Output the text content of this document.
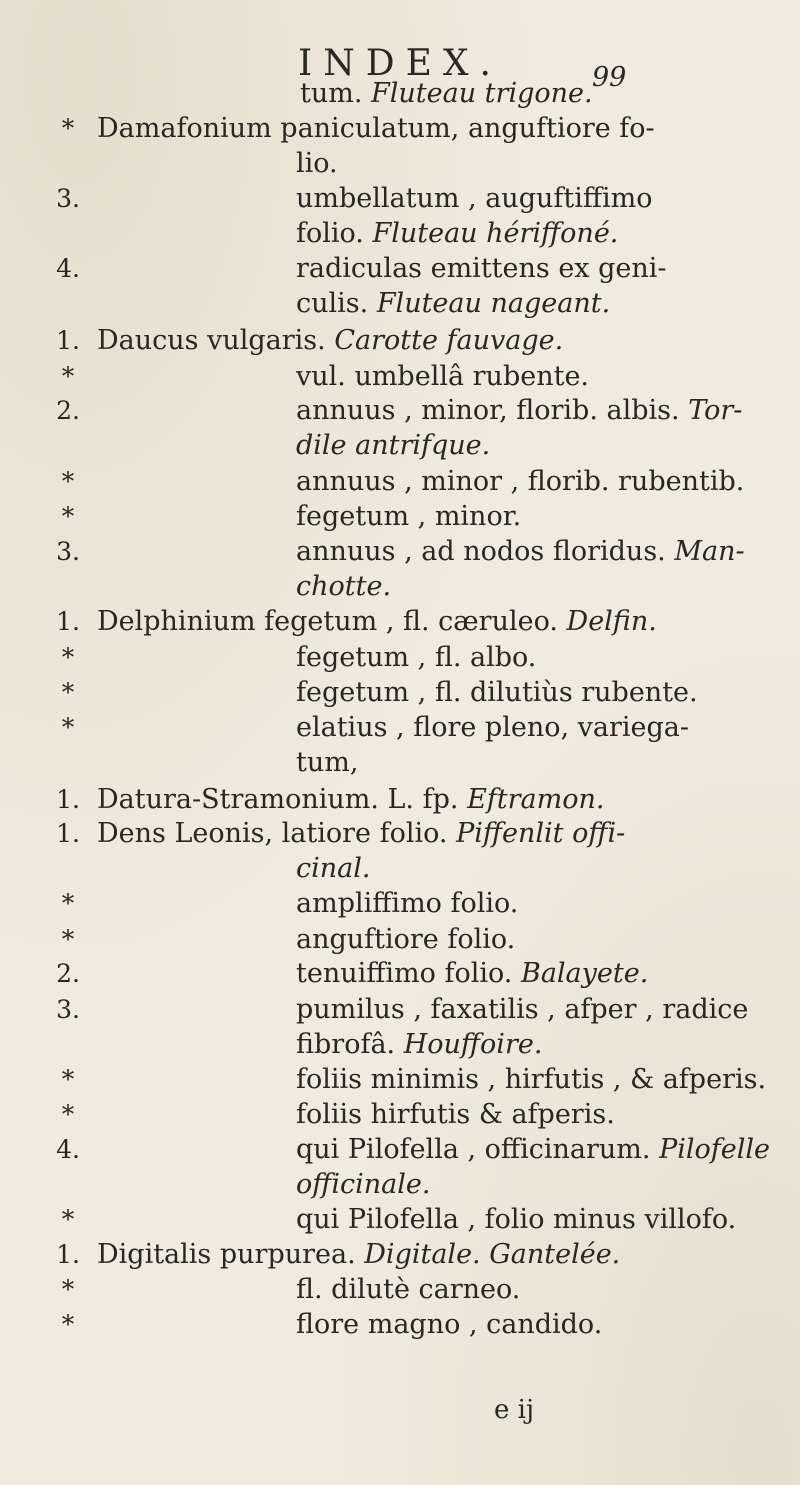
INDEX.	99
tum. Fluteau trigone.
* Damafonium paniculatum, anguftiore fo-
lio.
3.	umbellatum , auguftiffimo
folio. Fluteau hériffoné.
4.	radiculas emittens ex geni-
culis. Fluteau nageant.
1. Daucus vulgaris. Carotte fauvage.
*	vul. umbellâ rubente.
2.	annuus , minor, florib. albis. Tor-
dile antrifque.
*	annuus , minor , florib. rubentib.
*	fegetum , minor.
3.	annuus , ad nodos floridus. Man-
chotte.
1. Delphinium fegetum , fl. cæruleo. Delfin.
*	fegetum , fl. albo.
*	fegetum , fl. dilutiùs rubente.
*	elatius , flore pleno, variega-
tum,
1. Datura-Stramonium. L. fp. Eftramon.
1. Dens Leonis, latiore folio. Piffenlit offi-
cinal.
*	ampliffimo folio.
*	anguftiore folio.
2.	tenuiffimo folio. Balayete.
3.	pumilus , faxatilis , afper , radice
fibrofâ. Houffoire.
*	foliis minimis , hirfutis , & afperis.
*	foliis hirfutis & afperis.
4.	qui Pilofella , officinarum. Pilofelle
officinale.
*	qui Pilofella , folio minus villofo.
1. Digitalis purpurea. Digitale. Gantelée.
*	fl. dilutè carneo.
*	flore magno , candido.
e ij
